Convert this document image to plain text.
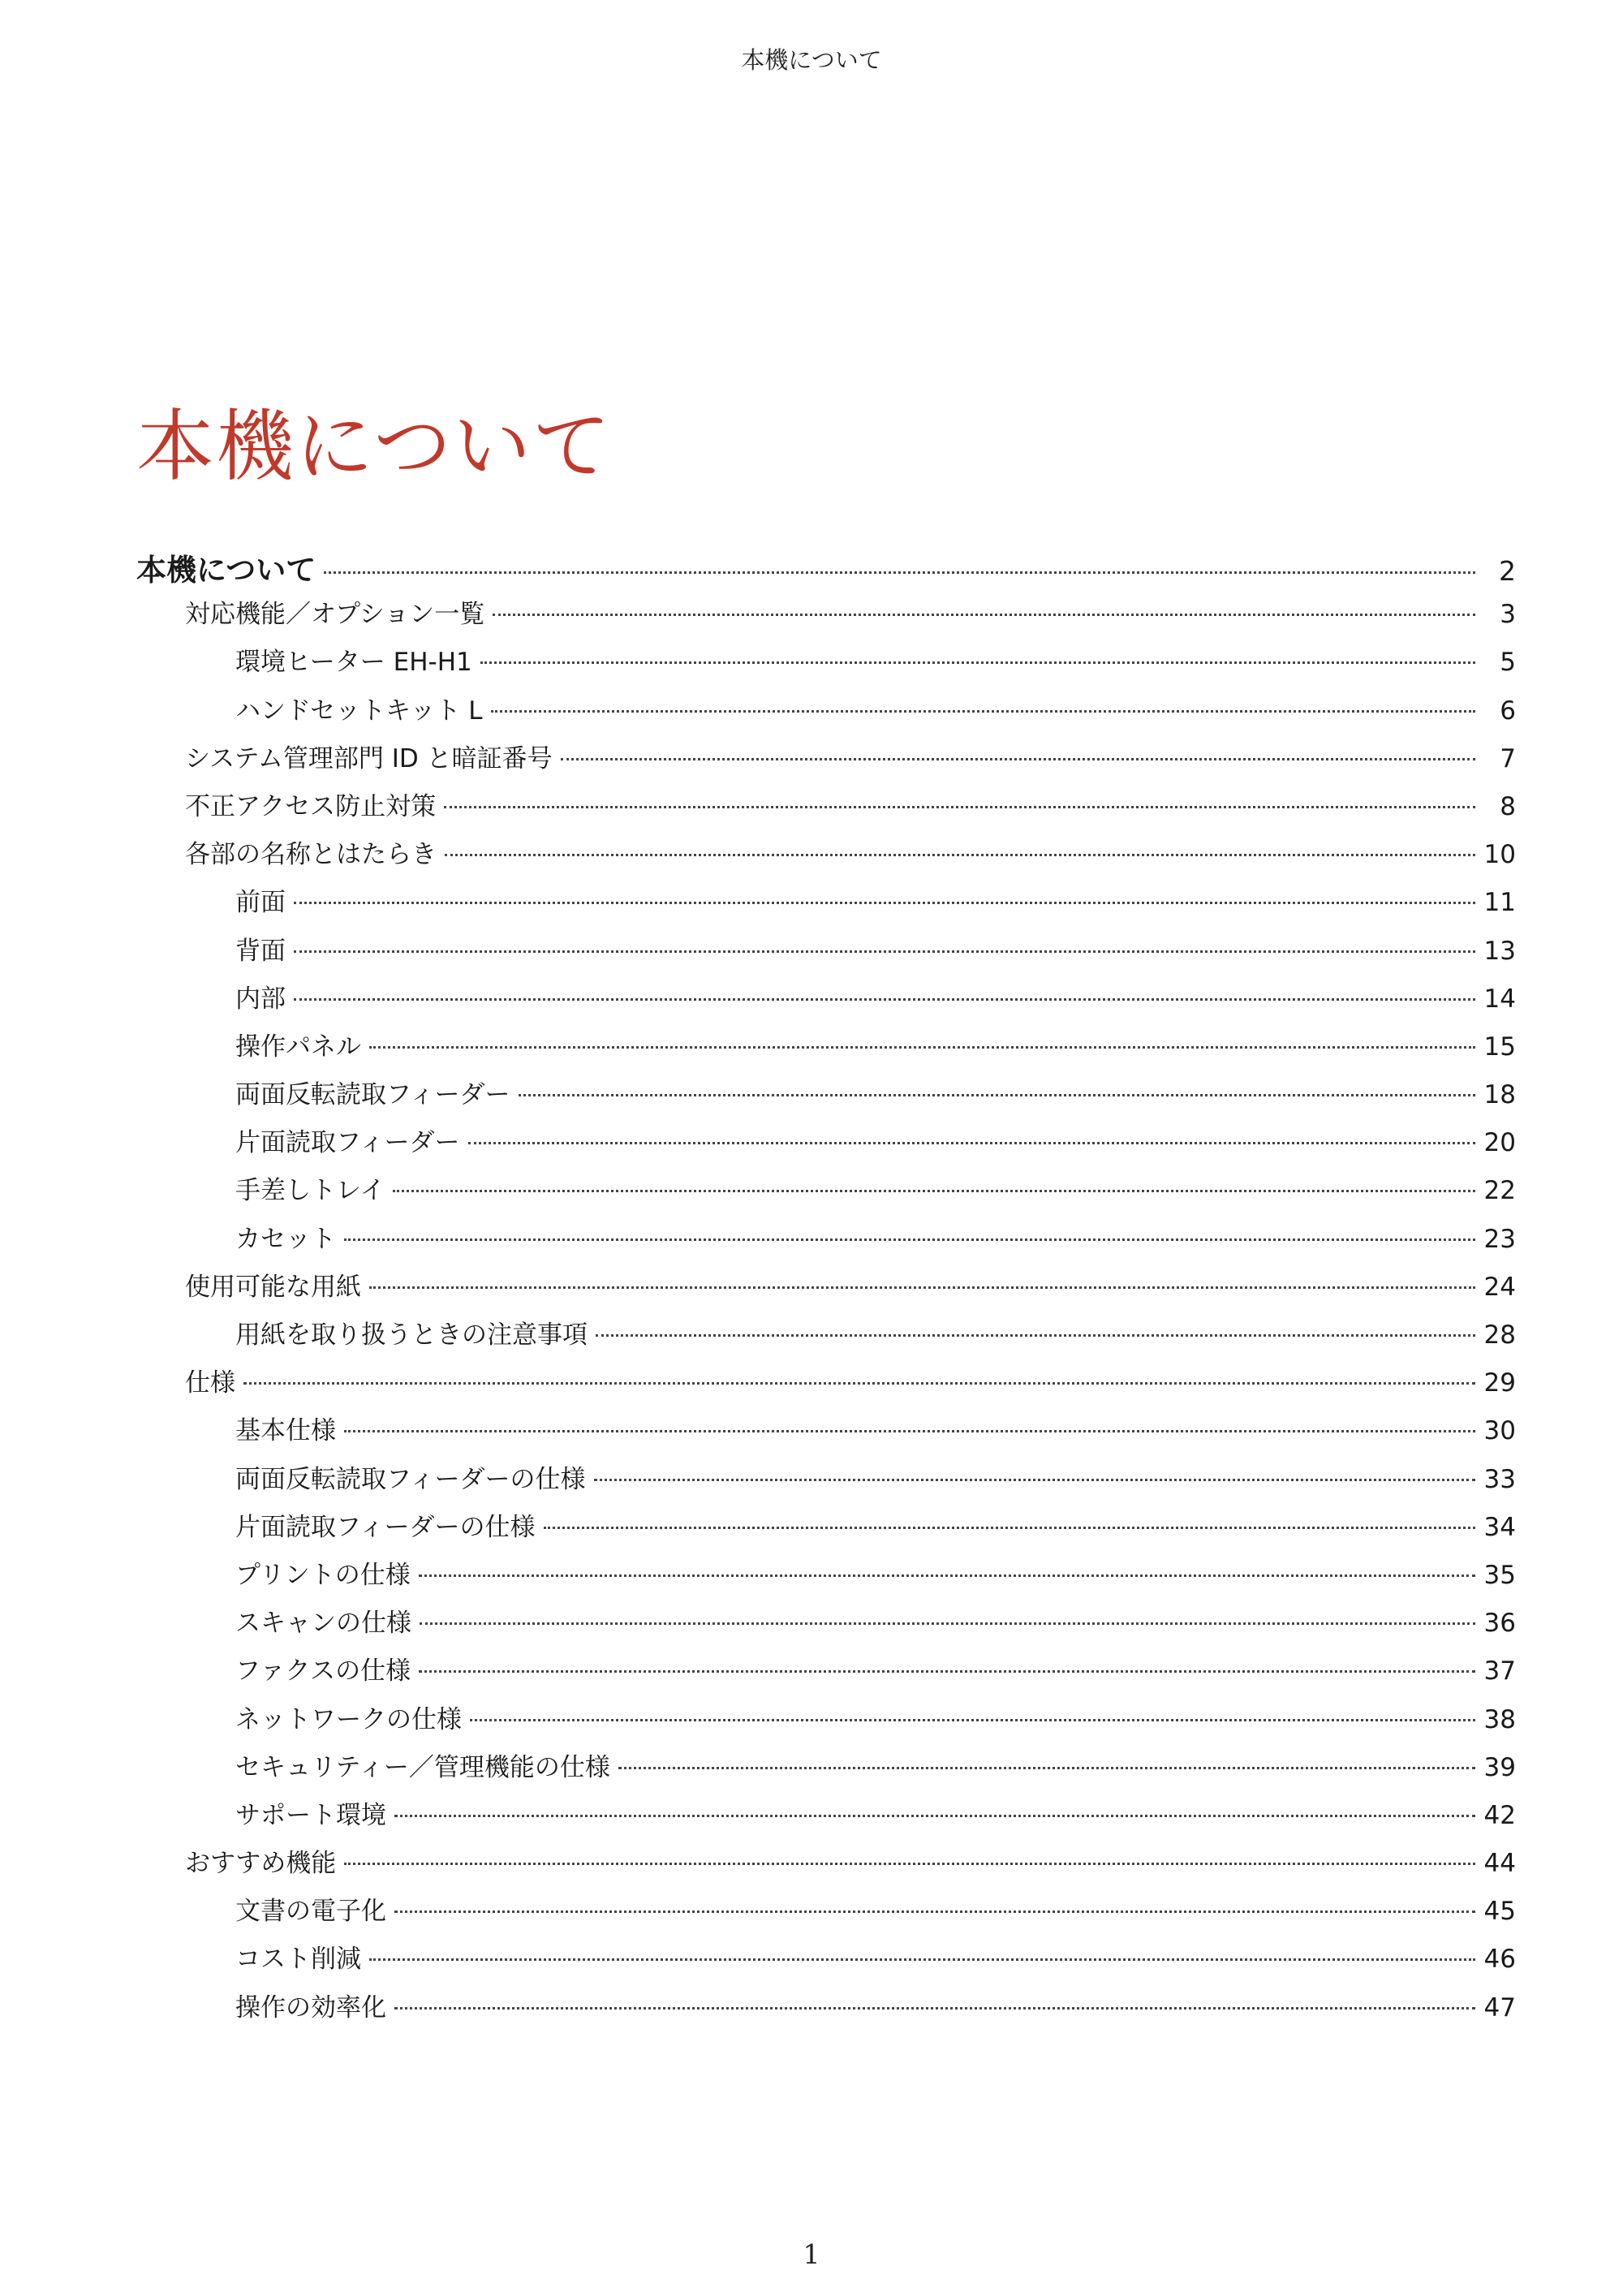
本機について
本機について
本機について	2
対応機能／オプション一覧	3
環境ヒーター EH-H1	5
ハンドセットキット L	6
システム管理部門 ID と暗証番号	7
不正アクセス防止対策	8
各部の名称とはたらき	10
前面	11
背面	13
内部	14
操作パネル	15
両面反転読取フィーダー	18
片面読取フィーダー	20
手差しトレイ	22
カセット	23
使用可能な用紙	24
用紙を取り扱うときの注意事項	28
仕様	29
基本仕様	30
両面反転読取フィーダーの仕様	33
片面読取フィーダーの仕様	34
プリントの仕様	35
スキャンの仕様	36
ファクスの仕様	37
ネットワークの仕様	38
セキュリティー／管理機能の仕様	39
サポート環境	42
おすすめ機能	44
文書の電子化	45
コスト削減	46
操作の効率化	47
1
